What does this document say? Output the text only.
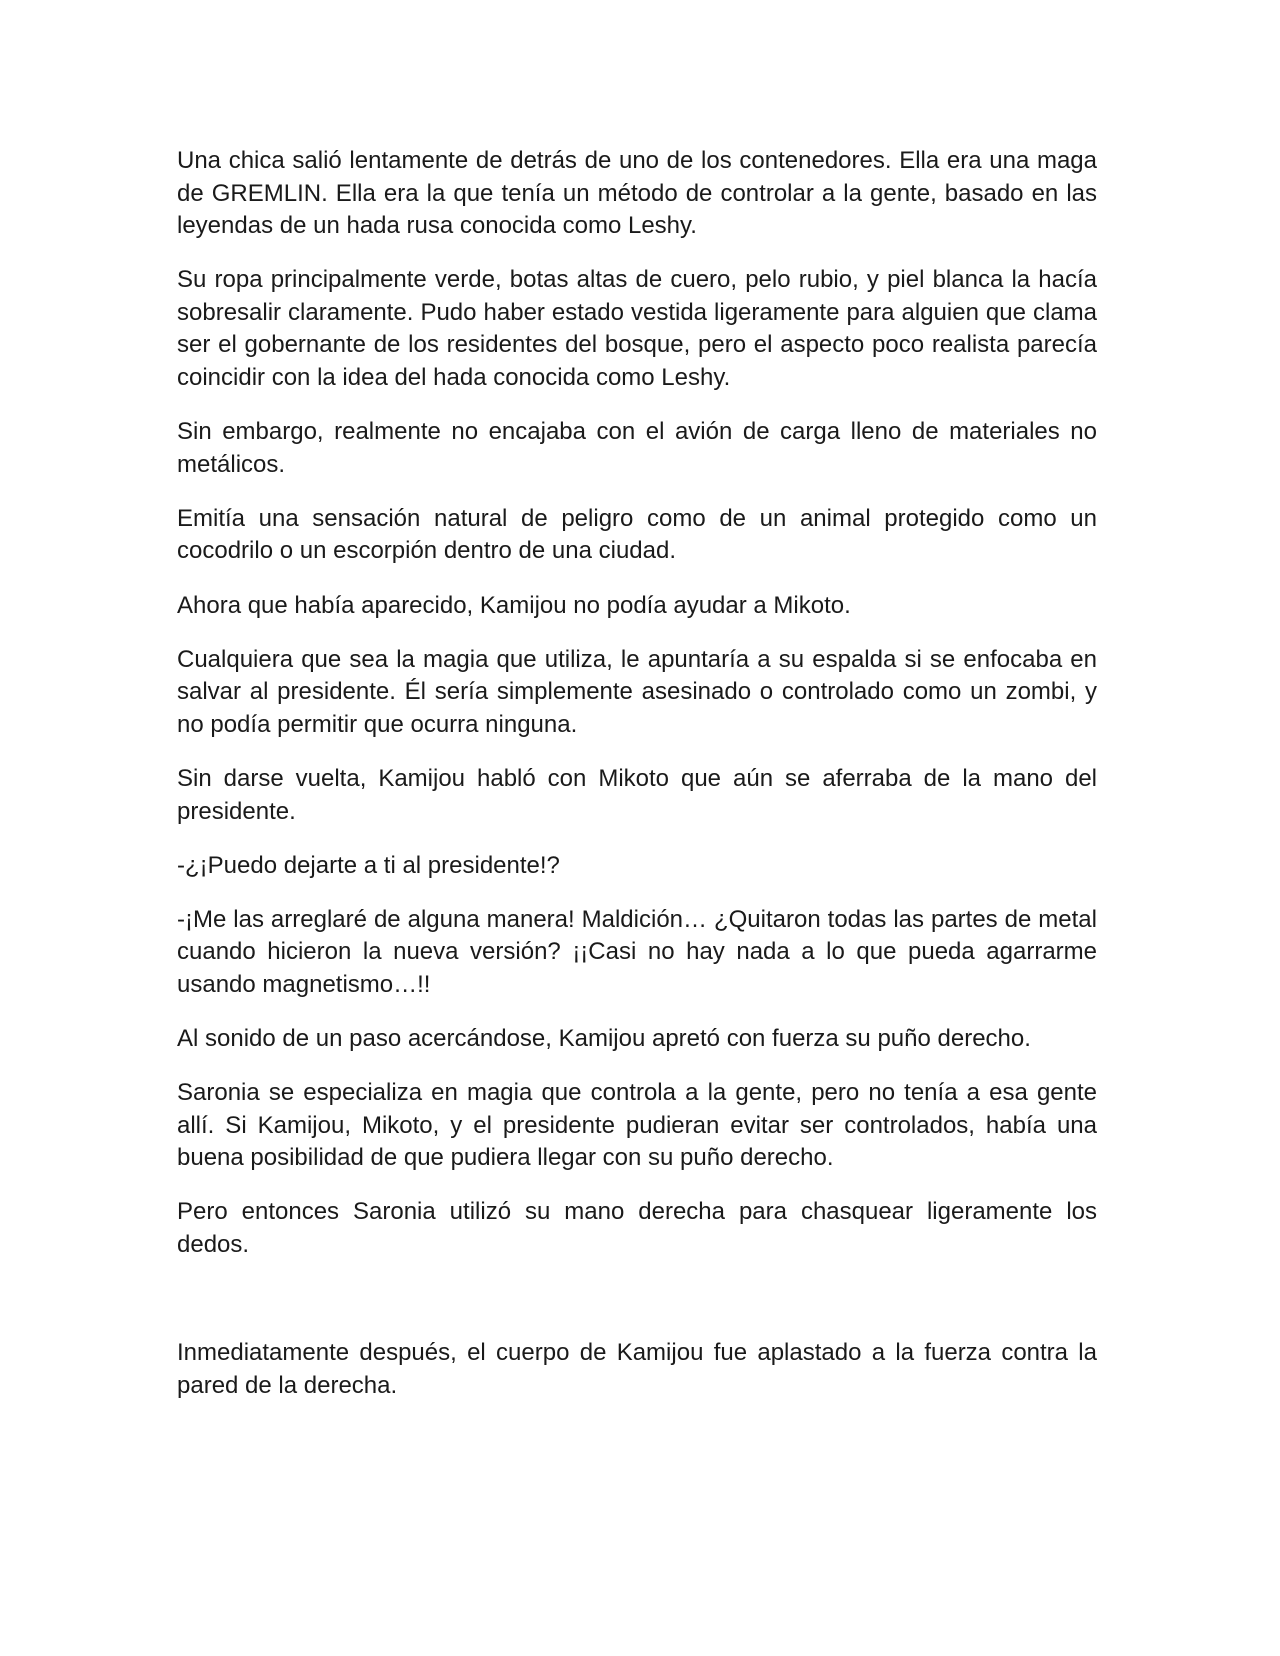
Una chica salió lentamente de detrás de uno de los contenedores. Ella era una maga de GREMLIN. Ella era la que tenía un método de controlar a la gente, basado en las leyendas de un hada rusa conocida como Leshy.

Su ropa principalmente verde, botas altas de cuero, pelo rubio, y piel blanca la hacía sobresalir claramente. Pudo haber estado vestida ligeramente para alguien que clama ser el gobernante de los residentes del bosque, pero el aspecto poco realista parecía coincidir con la idea del hada conocida como Leshy.

Sin embargo, realmente no encajaba con el avión de carga lleno de materiales no metálicos.

Emitía una sensación natural de peligro como de un animal protegido como un cocodrilo o un escorpión dentro de una ciudad.

Ahora que había aparecido, Kamijou no podía ayudar a Mikoto.

Cualquiera que sea la magia que utiliza, le apuntaría a su espalda si se enfocaba en salvar al presidente. Él sería simplemente asesinado o controlado como un zombi, y no podía permitir que ocurra ninguna.

Sin darse vuelta, Kamijou habló con Mikoto que aún se aferraba de la mano del presidente.

-¿¡Puedo dejarte a ti al presidente!?

-¡Me las arreglaré de alguna manera! Maldición… ¿Quitaron todas las partes de metal cuando hicieron la nueva versión? ¡¡Casi no hay nada a lo que pueda agarrarme usando magnetismo…!!

Al sonido de un paso acercándose, Kamijou apretó con fuerza su puño derecho.

Saronia se especializa en magia que controla a la gente, pero no tenía a esa gente allí. Si Kamijou, Mikoto, y el presidente pudieran evitar ser controlados, había una buena posibilidad de que pudiera llegar con su puño derecho.

Pero entonces Saronia utilizó su mano derecha para chasquear ligeramente los dedos.

Inmediatamente después, el cuerpo de Kamijou fue aplastado a la fuerza contra la pared de la derecha.
